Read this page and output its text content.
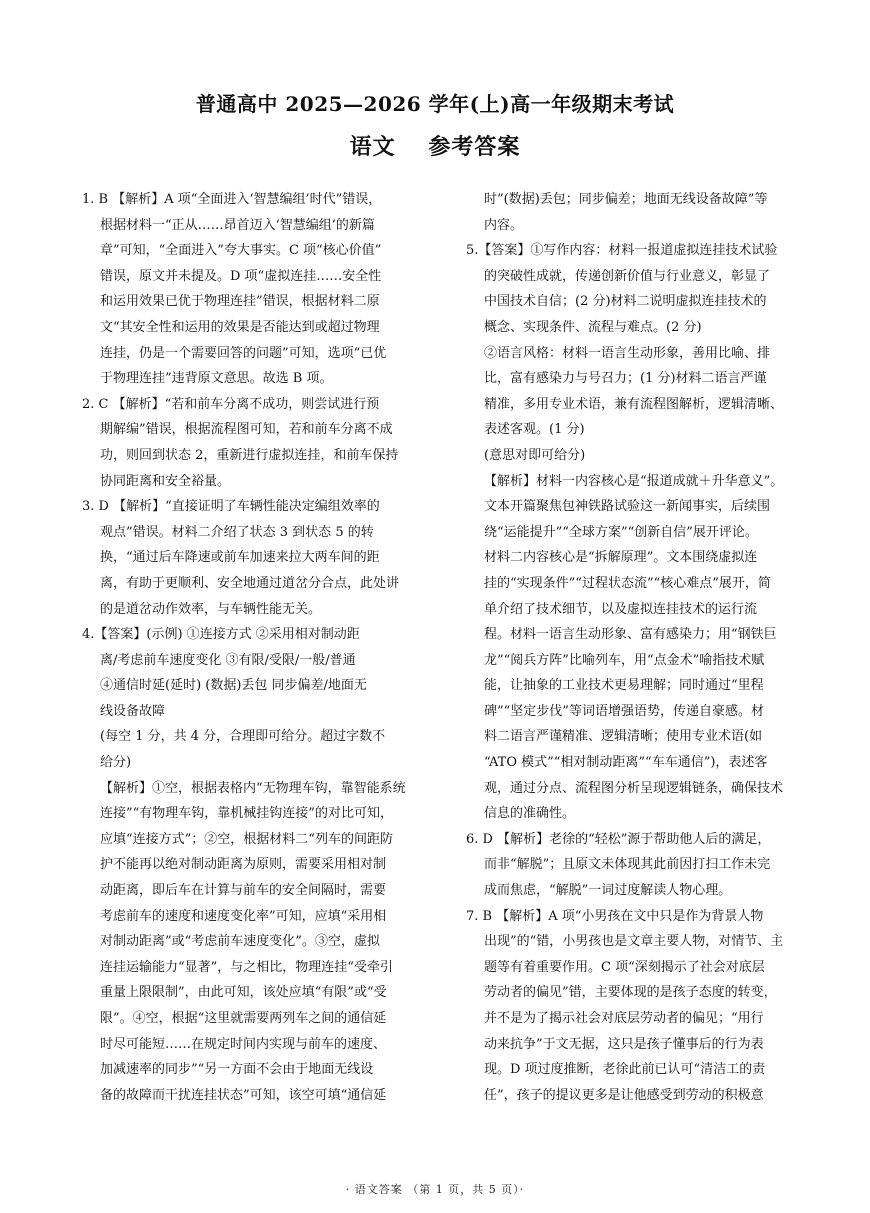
普通高中 2025—2026 学年(上)高一年级期末考试
语文 参考答案
1. B 【解析】A 项“全面进入‘智慧编组’时代”错误，
根据材料一“正从……昂首迈入‘智慧编组’的新篇
章”可知，“全面进入”夸大事实。C 项“核心价值”
错误，原文并未提及。D 项“虚拟连挂……安全性
和运用效果已优于物理连挂”错误，根据材料二原
文“其安全性和运用的效果是否能达到或超过物理
连挂，仍是一个需要回答的问题”可知，选项“已优
于物理连挂”违背原文意思。故选 B 项。
2. C 【解析】“若和前车分离不成功，则尝试进行预
期解编”错误，根据流程图可知，若和前车分离不成
功，则回到状态 2，重新进行虚拟连挂，和前车保持
协同距离和安全裕量。
3. D 【解析】“直接证明了车辆性能决定编组效率的
观点”错误。材料二介绍了状态 3 到状态 5 的转
换，“通过后车降速或前车加速来拉大两车间的距
离，有助于更顺利、安全地通过道岔分合点，此处讲
的是道岔动作效率，与车辆性能无关。
4.【答案】(示例) ①连接方式 ②采用相对制动距
离/考虑前车速度变化 ③有限/受限/一般/普通
④通信时延(延时) (数据)丢包 同步偏差/地面无
线设备故障
(每空 1 分，共 4 分，合理即可给分。超过字数不
给分)
【解析】①空，根据表格内“无物理车钩，靠智能系统
连接”“有物理车钩，靠机械挂钩连接”的对比可知，
应填“连接方式”；②空，根据材料二“列车的间距防
护不能再以绝对制动距离为原则，需要采用相对制
动距离，即后车在计算与前车的安全间隔时，需要
考虑前车的速度和速度变化率”可知，应填“采用相
对制动距离”或“考虑前车速度变化”。③空，虚拟
连挂运输能力“显著”，与之相比，物理连挂“受牵引
重量上限限制”，由此可知，该处应填“有限”或“受
限”。④空，根据“这里就需要两列车之间的通信延
时尽可能短……在规定时间内实现与前车的速度、
加减速率的同步”“另一方面不会由于地面无线设
备的故障而干扰连挂状态”可知，该空可填“通信延
时”(数据)丢包；同步偏差；地面无线设备故障”等
内容。
5.【答案】①写作内容：材料一报道虚拟连挂技术试验
的突破性成就，传递创新价值与行业意义，彰显了
中国技术自信；(2 分)材料二说明虚拟连挂技术的
概念、实现条件、流程与难点。(2 分)
②语言风格：材料一语言生动形象，善用比喻、排
比，富有感染力与号召力；(1 分)材料二语言严谨
精准，多用专业术语，兼有流程图解析，逻辑清晰、
表述客观。(1 分)
(意思对即可给分)
【解析】材料一内容核心是“报道成就＋升华意义”。
文本开篇聚焦包神铁路试验这一新闻事实，后续围
绕“运能提升”“全球方案”“创新自信”展开评论。
材料二内容核心是“拆解原理”。文本围绕虚拟连
挂的“实现条件”“过程状态流”“核心难点”展开，简
单介绍了技术细节，以及虚拟连挂技术的运行流
程。材料一语言生动形象、富有感染力；用“钢铁巨
龙”“阅兵方阵”比喻列车，用“点金术”喻指技术赋
能，让抽象的工业技术更易理解；同时通过“里程
碑”“坚定步伐”等词语增强语势，传递自豪感。材
料二语言严谨精准、逻辑清晰；使用专业术语(如
“ATO 模式”“相对制动距离”“车车通信”)，表述客
观，通过分点、流程图分析呈现逻辑链条，确保技术
信息的准确性。
6. D 【解析】老徐的“轻松”源于帮助他人后的满足，
而非“解脱”；且原文未体现其此前因打扫工作未完
成而焦虑，“解脱”一词过度解读人物心理。
7. B 【解析】A 项“小男孩在文中只是作为背景人物
出现”的“错，小男孩也是文章主要人物，对情节、主
题等有着重要作用。C 项“深刻揭示了社会对底层
劳动者的偏见”错，主要体现的是孩子态度的转变，
并不是为了揭示社会对底层劳动者的偏见；“用行
动来抗争”于文无据，这只是孩子懂事后的行为表
现。D 项过度推断，老徐此前已认可“清洁工的责
任”，孩子的提议更多是让他感受到劳动的积极意
· 语文答案 （第 1 页，共 5 页）·
